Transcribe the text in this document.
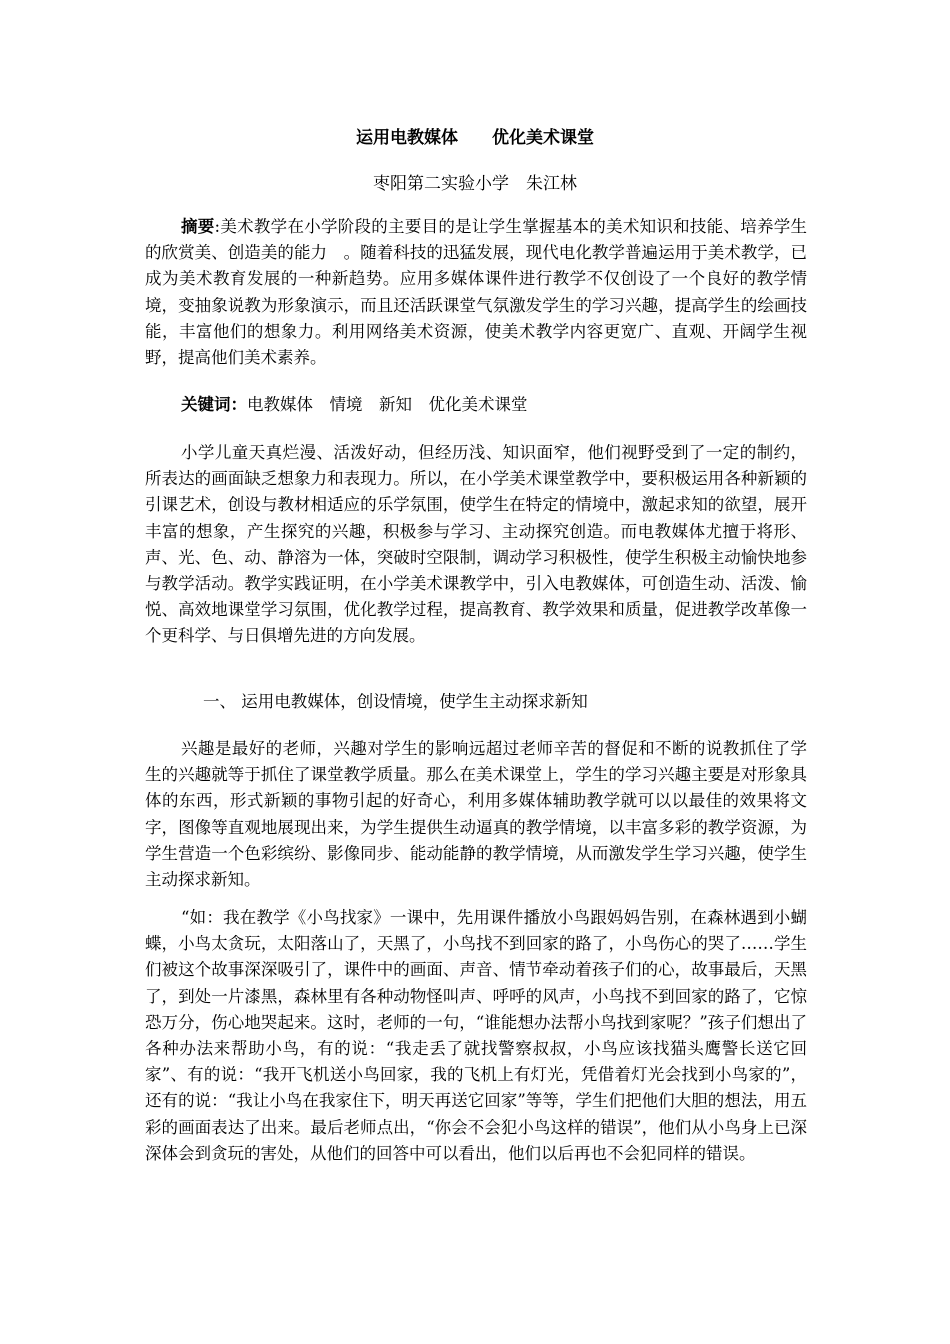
运用电教媒体　　优化美术课堂
枣阳第二实验小学　朱江林

摘要:美术教学在小学阶段的主要目的是让学生掌握基本的美术知识和技能、培养学生的欣赏美、创造美的能力　。随着科技的迅猛发展，现代电化教学普遍运用于美术教学，已成为美术教育发展的一种新趋势。应用多媒体课件进行教学不仅创设了一个良好的教学情境，变抽象说教为形象演示，而且还活跃课堂气氛激发学生的学习兴趣，提高学生的绘画技能，丰富他们的想象力。利用网络美术资源，使美术教学内容更宽广、直观、开阔学生视野，提高他们美术素养。

关键词：电教媒体　情境　新知　优化美术课堂

小学儿童天真烂漫、活泼好动，但经历浅、知识面窄，他们视野受到了一定的制约，所表达的画面缺乏想象力和表现力。所以，在小学美术课堂教学中，要积极运用各种新颖的引课艺术，创设与教材相适应的乐学氛围，使学生在特定的情境中，激起求知的欲望，展开丰富的想象，产生探究的兴趣，积极参与学习、主动探究创造。而电教媒体尤擅于将形、声、光、色、动、静溶为一体，突破时空限制，调动学习积极性，使学生积极主动愉快地参与教学活动。教学实践证明，在小学美术课教学中，引入电教媒体，可创造生动、活泼、愉悦、高效地课堂学习氛围，优化教学过程，提高教育、教学效果和质量，促进教学改革像一个更科学、与日俱增先进的方向发展。

一、 运用电教媒体，创设情境，使学生主动探求新知

兴趣是最好的老师，兴趣对学生的影响远超过老师辛苦的督促和不断的说教抓住了学生的兴趣就等于抓住了课堂教学质量。那么在美术课堂上，学生的学习兴趣主要是对形象具体的东西，形式新颖的事物引起的好奇心，利用多媒体辅助教学就可以以最佳的效果将文字，图像等直观地展现出来，为学生提供生动逼真的教学情境，以丰富多彩的教学资源，为学生营造一个色彩缤纷、影像同步、能动能静的教学情境，从而激发学生学习兴趣，使学生主动探求新知。

“如：我在教学《小鸟找家》一课中，先用课件播放小鸟跟妈妈告别，在森林遇到小蝴蝶，小鸟太贪玩，太阳落山了，天黑了，小鸟找不到回家的路了，小鸟伤心的哭了……学生们被这个故事深深吸引了，课件中的画面、声音、情节牵动着孩子们的心，故事最后，天黑了，到处一片漆黑，森林里有各种动物怪叫声、呼呼的风声，小鸟找不到回家的路了，它惊恐万分，伤心地哭起来。这时，老师的一句，“谁能想办法帮小鸟找到家呢？”孩子们想出了各种办法来帮助小鸟，有的说：“我走丢了就找警察叔叔，小鸟应该找猫头鹰警长送它回家”、有的说：“我开飞机送小鸟回家，我的飞机上有灯光，凭借着灯光会找到小鸟家的”，还有的说：“我让小鸟在我家住下，明天再送它回家”等等，学生们把他们大胆的想法，用五彩的画面表达了出来。最后老师点出，“你会不会犯小鸟这样的错误”，他们从小鸟身上已深深体会到贪玩的害处，从他们的回答中可以看出，他们以后再也不会犯同样的错误。
